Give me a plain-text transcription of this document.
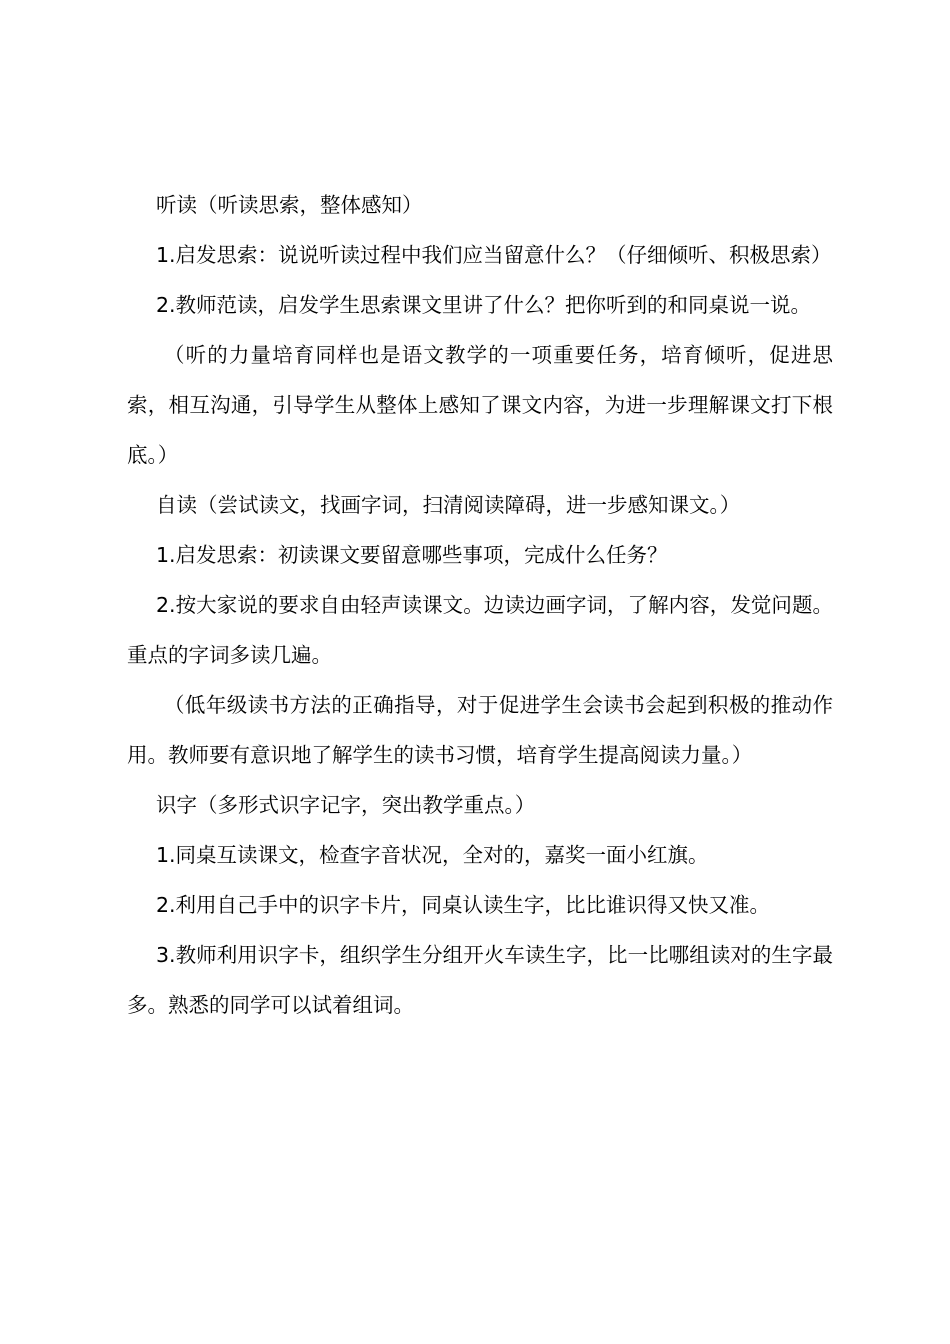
听读（听读思索，整体感知）

1.启发思索：说说听读过程中我们应当留意什么？（仔细倾听、积极思索）

2.教师范读，启发学生思索课文里讲了什么？把你听到的和同桌说一说。

（听的力量培育同样也是语文教学的一项重要任务，培育倾听，促进思索，相互沟通，引导学生从整体上感知了课文内容，为进一步理解课文打下根底。）

自读（尝试读文，找画字词，扫清阅读障碍，进一步感知课文。）

1.启发思索：初读课文要留意哪些事项，完成什么任务？

2.按大家说的要求自由轻声读课文。边读边画字词，了解内容，发觉问题。重点的字词多读几遍。

（低年级读书方法的正确指导，对于促进学生会读书会起到积极的推动作用。教师要有意识地了解学生的读书习惯，培育学生提高阅读力量。）

识字（多形式识字记字，突出教学重点。）

1.同桌互读课文，检查字音状况，全对的，嘉奖一面小红旗。

2.利用自己手中的识字卡片，同桌认读生字，比比谁识得又快又准。

3.教师利用识字卡，组织学生分组开火车读生字，比一比哪组读对的生字最多。熟悉的同学可以试着组词。
